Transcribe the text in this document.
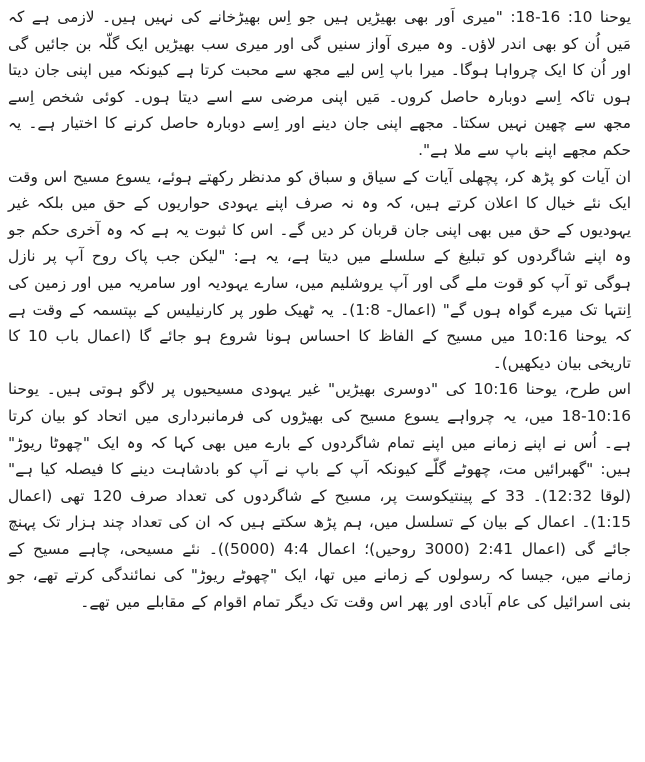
یوحنا 10: 16-18: "میری اَور بھی بھیڑیں ہیں جو اِس بھیڑخانے کی نہیں ہیں۔ لازمی ہے کہ مَیں اُن کو بھی اندر لاؤں۔ وہ میری آواز سنیں گی اور میری سب بھیڑیں ایک گلّہ بن جائیں گی اور اُن کا ایک چرواہا ہوگا۔ میرا باپ اِس لیے مجھ سے محبت کرتا ہے کیونکہ میں اپنی جان دیتا ہوں تاکہ اِسے دوبارہ حاصل کروں۔ مَیں اپنی مرضی سے اسے دیتا ہوں۔ کوئی شخص اِسے مجھ سے چھین نہیں سکتا۔ مجھے اپنی جان دینے اور اِسے دوبارہ حاصل کرنے کا اختیار ہے۔ یہ حکم مجھے اپنے باپ سے ملا ہے".

ان آیات کو پڑھ کر، پچھلی آیات کے سیاق و سباق کو مدنظر رکھتے ہوئے، یسوع مسیح اس وقت ایک نئے خیال کا اعلان کرتے ہیں، کہ وہ نہ صرف اپنے یہودی حواریوں کے حق میں بلکہ غیر یہودیوں کے حق میں بھی اپنی جان قربان کر دیں گے۔ اس کا ثبوت یہ ہے کہ وہ آخری حکم جو وہ اپنے شاگردوں کو تبلیغ کے سلسلے میں دیتا ہے، یہ ہے: "لیکن جب پاک روح آپ پر نازل ہوگی تو آپ کو قوت ملے گی اور آپ یروشلیم میں، سارے یہودیہ اور سامریہ میں اور زمین کی اِنتہا تک میرے گواہ ہوں گے" (اعمال- 1:8)۔ یہ ٹھیک طور پر کارنیلیس کے بپتسمہ کے وقت ہے کہ یوحنا 10:16 میں مسیح کے الفاظ کا احساس ہونا شروع ہو جائے گا (اعمال باب 10 کا تاریخی بیان دیکھیں)۔

اس طرح، یوحنا 10:16 کی "دوسری بھیڑیں" غیر یہودی مسیحیوں پر لاگو ہوتی ہیں۔ یوحنا 10:16-18 میں، یہ چرواہے یسوع مسیح کی بھیڑوں کی فرمانبرداری میں اتحاد کو بیان کرتا ہے۔ اُس نے اپنے زمانے میں اپنے تمام شاگردوں کے بارے میں بھی کہا کہ وہ ایک "چھوٹا ریوڑ" ہیں: "گھبرائیں مت، چھوٹے گلّے کیونکہ آپ کے باپ نے آپ کو بادشاہت دینے کا فیصلہ کیا ہے" (لوقا 12:32)۔ 33 کے پینتیکوست پر، مسیح کے شاگردوں کی تعداد صرف 120 تھی (اعمال 1:15)۔ اعمال کے بیان کے تسلسل میں، ہم پڑھ سکتے ہیں کہ ان کی تعداد چند ہزار تک پہنچ جائے گی (اعمال 2:41 (3000 روحیں)؛ اعمال 4:4 (5000))۔ نئے مسیحی، چاہے مسیح کے زمانے میں، جیسا کہ رسولوں کے زمانے میں تھا، ایک "چھوٹے ریوڑ" کی نمائندگی کرتے تھے، جو بنی اسرائیل کی عام آبادی اور پھر اس وقت تک دیگر تمام اقوام کے مقابلے میں تھے۔
